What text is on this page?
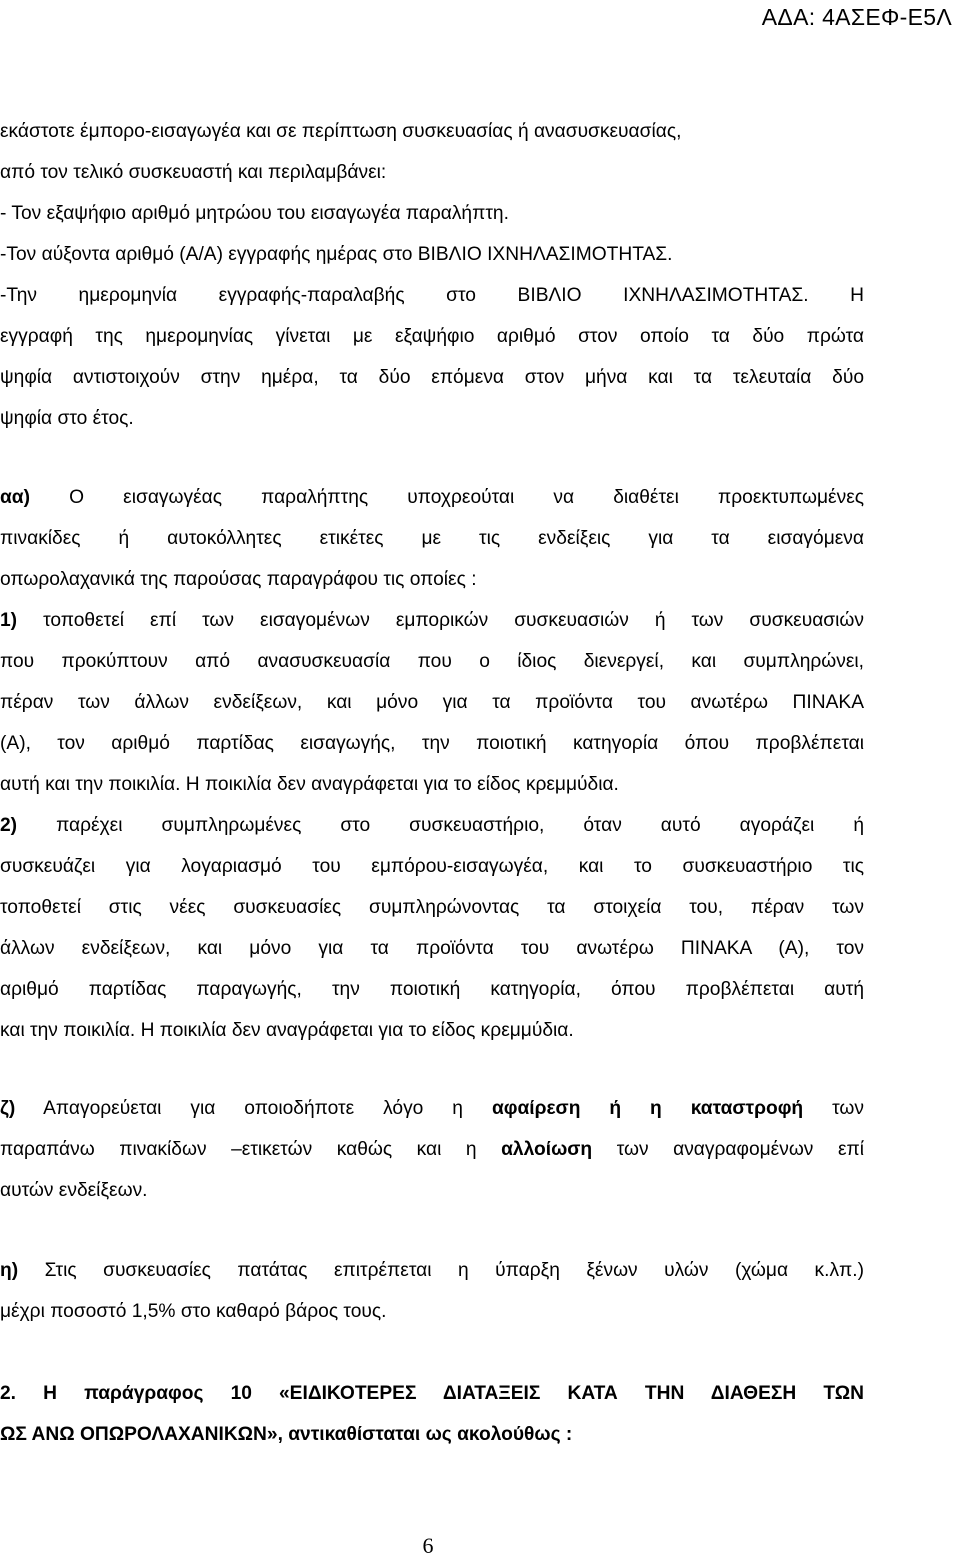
ΑΔΑ: 4ΑΣΕΦ-Ε5Λ
εκάστοτε έμπορο-εισαγωγέα και σε περίπτωση συσκευασίας ή ανασυσκευασίας,
από τον τελικό συσκευαστή και περιλαμβάνει:
- Τον εξαψήφιο αριθμό μητρώου του εισαγωγέα παραλήπτη.
-Τον αύξοντα αριθμό (Α/Α) εγγραφής ημέρας στο ΒΙΒΛΙΟ ΙΧΝΗΛΑΣΙΜΟΤΗΤΑΣ.
-Την ημερομηνία εγγραφής-παραλαβής στο ΒΙΒΛΙΟ ΙΧΝΗΛΑΣΙΜΟΤΗΤΑΣ. Η
εγγραφή της ημερομηνίας γίνεται με εξαψήφιο αριθμό στον οποίο τα δύο πρώτα
ψηφία αντιστοιχούν στην ημέρα, τα δύο επόμενα στον μήνα και τα τελευταία δύο
ψηφία στο έτος.
αα) Ο εισαγωγέας παραλήπτης υποχρεούται να διαθέτει προεκτυπωμένες
πινακίδες ή αυτοκόλλητες ετικέτες με τις ενδείξεις για τα εισαγόμενα
οπωρολαχανικά της παρούσας παραγράφου τις οποίες :
1) τοποθετεί επί των εισαγομένων εμπορικών συσκευασιών ή των συσκευασιών
που προκύπτουν από ανασυσκευασία που ο ίδιος διενεργεί, και συμπληρώνει,
πέραν των άλλων ενδείξεων, και μόνο για τα προϊόντα του ανωτέρω ΠΙΝΑΚΑ
(Α), τον αριθμό παρτίδας εισαγωγής, την ποιοτική κατηγορία όπου προβλέπεται
αυτή και την ποικιλία. Η ποικιλία δεν αναγράφεται για το είδος κρεμμύδια.
2) παρέχει συμπληρωμένες στο συσκευαστήριο, όταν αυτό αγοράζει ή
συσκευάζει για λογαριασμό του εμπόρου-εισαγωγέα, και το συσκευαστήριο τις
τοποθετεί στις νέες συσκευασίες συμπληρώνοντας τα στοιχεία του, πέραν των
άλλων ενδείξεων, και μόνο για τα προϊόντα του ανωτέρω ΠΙΝΑΚΑ (Α), τον
αριθμό παρτίδας παραγωγής, την ποιοτική κατηγορία, όπου προβλέπεται αυτή
και την ποικιλία. Η ποικιλία δεν αναγράφεται για το είδος κρεμμύδια.
ζ) Απαγορεύεται για οποιοδήποτε λόγο η αφαίρεση ή η καταστροφή των
παραπάνω πινακίδων –ετικετών καθώς και η αλλοίωση των αναγραφομένων επί
αυτών ενδείξεων.
η) Στις συσκευασίες πατάτας επιτρέπεται η ύπαρξη ξένων υλών (χώμα κ.λπ.)
μέχρι ποσοστό 1,5% στο καθαρό βάρος τους.
2. Η παράγραφος 10 «ΕΙΔΙΚΟΤΕΡΕΣ ΔΙΑΤΑΞΕΙΣ ΚΑΤΑ ΤΗΝ ΔΙΑΘΕΣΗ ΤΩΝ
ΩΣ ΑΝΩ ΟΠΩΡΟΛΑΧΑΝΙΚΩΝ», αντικαθίσταται ως ακολούθως :
6
